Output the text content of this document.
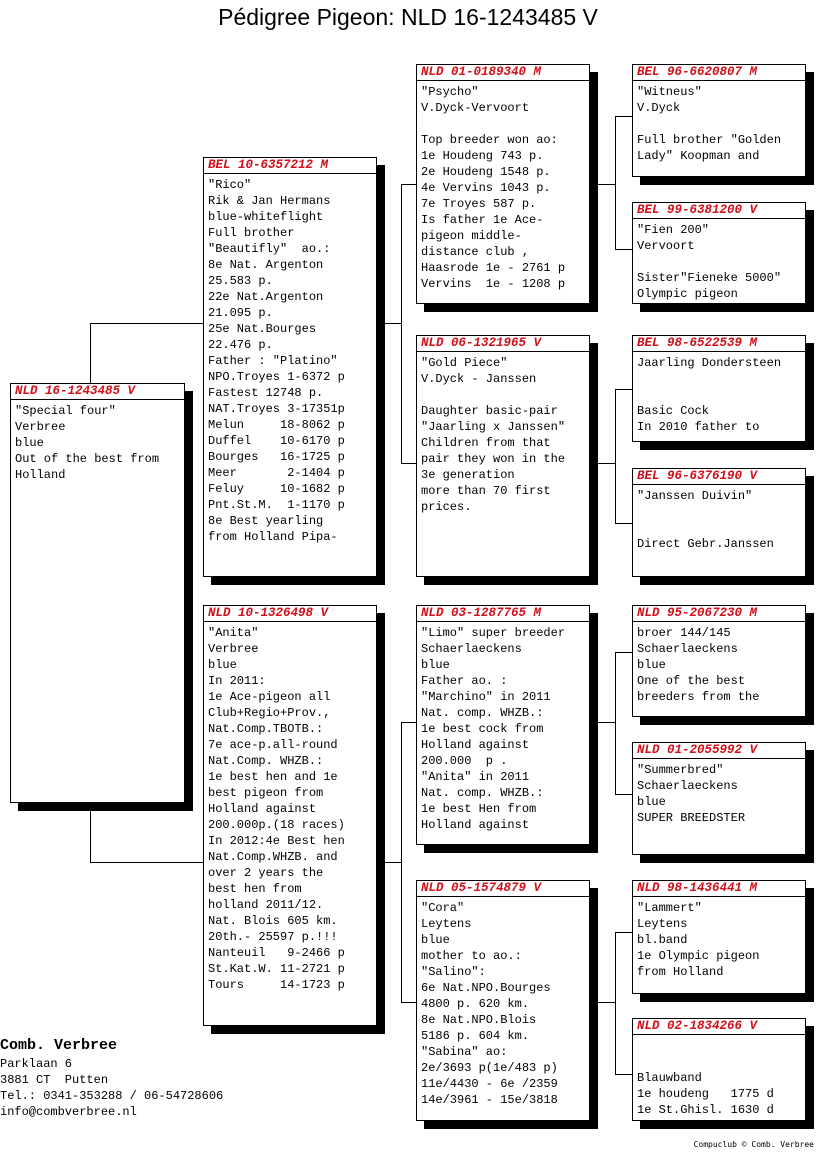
Pédigree Pigeon: NLD 16-1243485 V
NLD 16-1243485 V
"Special four"
Verbree
blue
Out of the best from
Holland
BEL 10-6357212 M
"Rico"
Rik & Jan Hermans
blue-whiteflight
Full brother
"Beautifly"  ao.:
8e Nat. Argenton
25.583 p.
22e Nat.Argenton
21.095 p.
25e Nat.Bourges
22.476 p.
Father : "Platino"
NPO.Troyes 1-6372 p
Fastest 12748 p.
NAT.Troyes 3-17351p
Melun     18-8062 p
Duffel    10-6170 p
Bourges   16-1725 p
Meer       2-1404 p
Feluy     10-1682 p
Pnt.St.M.  1-1170 p
8e Best yearling
from Holland Pipa-
NLD 10-1326498 V
"Anita"
Verbree
blue
In 2011:
1e Ace-pigeon all
Club+Regio+Prov.,
Nat.Comp.TBOTB.:
7e ace-p.all-round
Nat.Comp. WHZB.:
1e best hen and 1e
best pigeon from
Holland against
200.000p.(18 races)
In 2012:4e Best hen
Nat.Comp.WHZB. and
over 2 years the
best hen from
holland 2011/12.
Nat. Blois 605 km.
20th.- 25597 p.!!!
Nanteuil   9-2466 p
St.Kat.W. 11-2721 p
Tours     14-1723 p
NLD 01-0189340 M
"Psycho"
V.Dyck-Vervoort
Top breeder won ao:
1e Houdeng 743 p.
2e Houdeng 1548 p.
4e Vervins 1043 p.
7e Troyes 587 p.
Is father 1e Ace-
pigeon middle-
distance club ,
Haasrode 1e - 2761 p
Vervins  1e - 1208 p
NLD 06-1321965 V
"Gold Piece"
V.Dyck - Janssen
Daughter basic-pair
"Jaarling x Janssen"
Children from that
pair they won in the
3e generation
more than 70 first
prices.
NLD 03-1287765 M
"Limo" super breeder
Schaerlaeckens
blue
Father ao. :
"Marchino" in 2011
Nat. comp. WHZB.:
1e best cock from
Holland against
200.000  p .
"Anita" in 2011
Nat. comp. WHZB.:
1e best Hen from
Holland against
NLD 05-1574879 V
"Cora"
Leytens
blue
mother to ao.:
"Salino":
6e Nat.NPO.Bourges
4800 p. 620 km.
8e Nat.NPO.Blois
5186 p. 604 km.
"Sabina" ao:
2e/3693 p(1e/483 p)
11e/4430 - 6e /2359
14e/3961 - 15e/3818
BEL 96-6620807 M
"Witneus"
V.Dyck
Full brother "Golden
Lady" Koopman and
BEL 99-6381200 V
"Fien 200"
Vervoort
Sister"Fieneke 5000"
Olympic pigeon
BEL 98-6522539 M
Jaarling Dondersteen
Basic Cock
In 2010 father to
BEL 96-6376190 V
"Janssen Duivin"
Direct Gebr.Janssen
NLD 95-2067230 M
broer 144/145
Schaerlaeckens
blue
One of the best
breeders from the
NLD 01-2055992 V
"Summerbred"
Schaerlaeckens
blue
SUPER BREEDSTER
NLD 98-1436441 M
"Lammert"
Leytens
bl.band
1e Olympic pigeon
from Holland
NLD 02-1834266 V
Blauwband
1e houdeng   1775 d
1e St.Ghisl. 1630 d
Comb. Verbree
Parklaan 6
3881 CT  Putten
Tel.: 0341-353288 / 06-54728606
info@combverbree.nl
Compuclub © Comb. Verbree
